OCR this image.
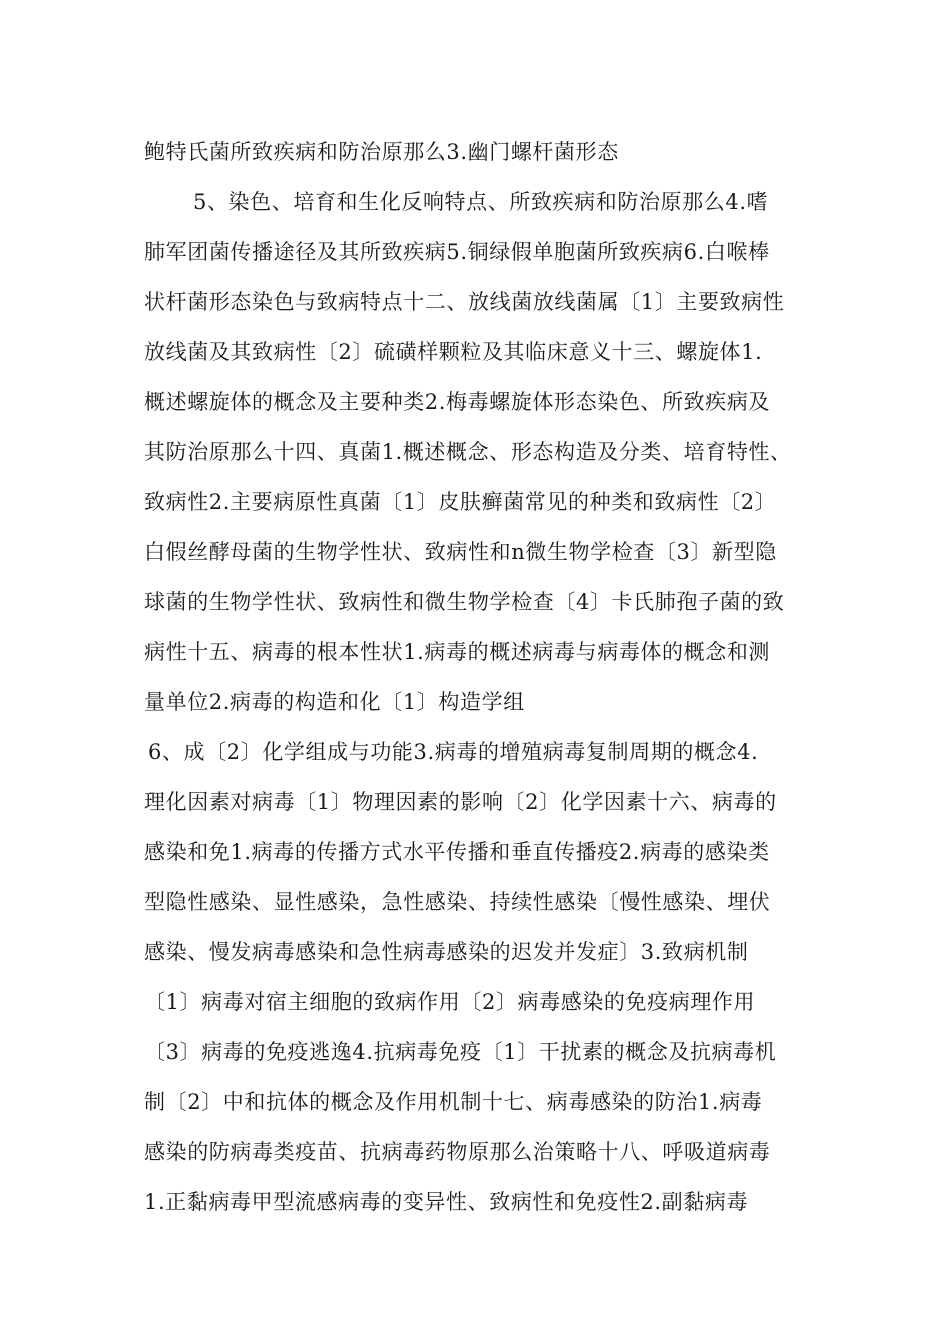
鲍特氏菌所致疾病和防治原那么3.幽门螺杆菌形态
5、染色、培育和生化反响特点、所致疾病和防治原那么4.嗜
肺军团菌传播途径及其所致疾病5.铜绿假单胞菌所致疾病6.白喉棒
状杆菌形态染色与致病特点十二、放线菌放线菌属〔1〕主要致病性
放线菌及其致病性〔2〕硫磺样颗粒及其临床意义十三、螺旋体1.
概述螺旋体的概念及主要种类2.梅毒螺旋体形态染色、所致疾病及
其防治原那么十四、真菌1.概述概念、形态构造及分类、培育特性、
致病性2.主要病原性真菌〔1〕皮肤癣菌常见的种类和致病性〔2〕
白假丝酵母菌的生物学性状、致病性和n微生物学检查〔3〕新型隐
球菌的生物学性状、致病性和微生物学检查〔4〕卡氏肺孢子菌的致
病性十五、病毒的根本性状1.病毒的概述病毒与病毒体的概念和测
量单位2.病毒的构造和化〔1〕构造学组
6、成〔2〕化学组成与功能3.病毒的增殖病毒复制周期的概念4.
理化因素对病毒〔1〕物理因素的影响〔2〕化学因素十六、病毒的
感染和免1.病毒的传播方式水平传播和垂直传播疫2.病毒的感染类
型隐性感染、显性感染，急性感染、持续性感染〔慢性感染、埋伏
感染、慢发病毒感染和急性病毒感染的迟发并发症〕3.致病机制
〔1〕病毒对宿主细胞的致病作用〔2〕病毒感染的免疫病理作用
〔3〕病毒的免疫逃逸4.抗病毒免疫〔1〕干扰素的概念及抗病毒机
制〔2〕中和抗体的概念及作用机制十七、病毒感染的防治1.病毒
感染的防病毒类疫苗、抗病毒药物原那么治策略十八、呼吸道病毒
1.正黏病毒甲型流感病毒的变异性、致病性和免疫性2.副黏病毒
